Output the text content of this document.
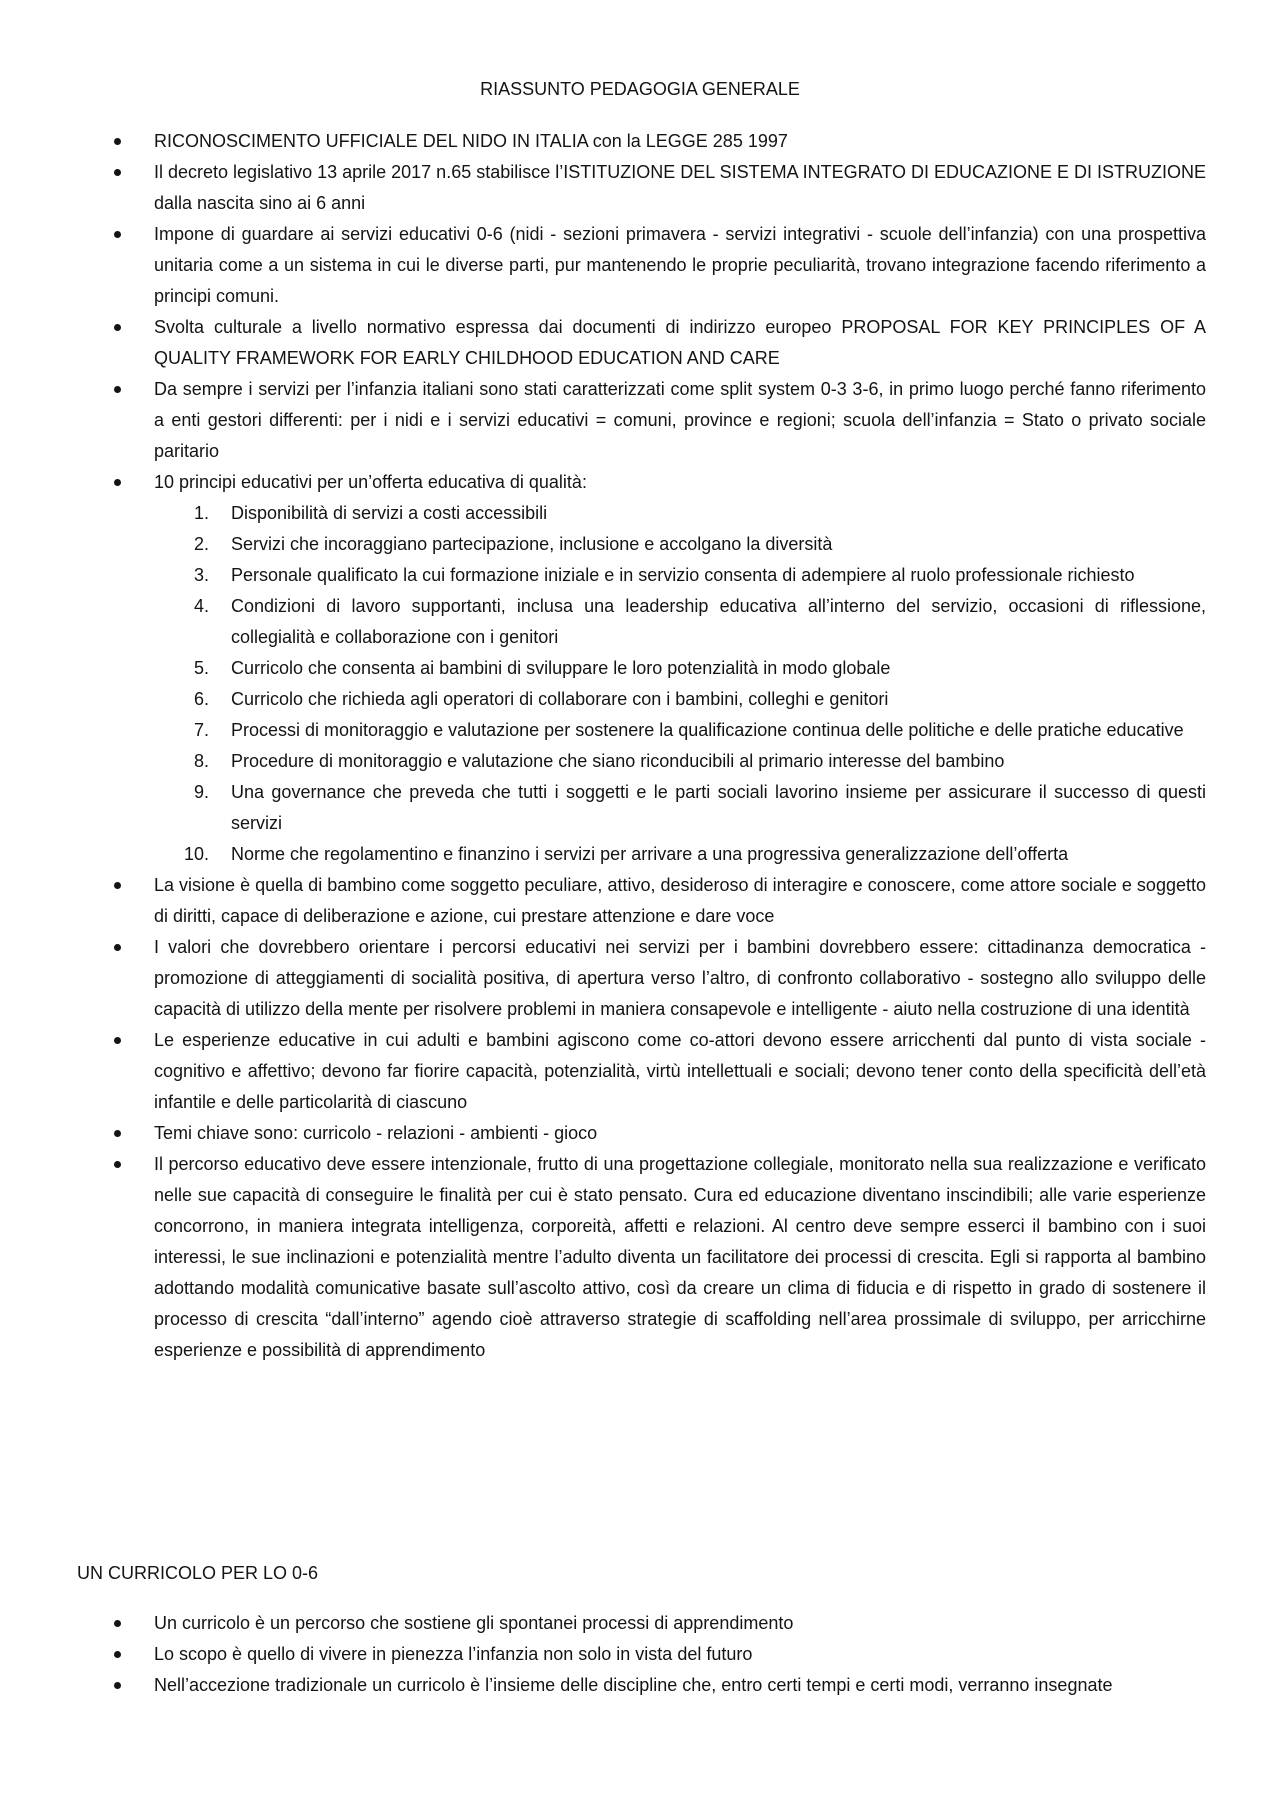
RIASSUNTO PEDAGOGIA GENERALE
RICONOSCIMENTO UFFICIALE DEL NIDO IN ITALIA con la LEGGE 285 1997
Il decreto legislativo 13 aprile 2017 n.65 stabilisce l’ISTITUZIONE DEL SISTEMA INTEGRATO DI EDUCAZIONE E DI ISTRUZIONE dalla nascita sino ai 6 anni
Impone di guardare ai servizi educativi 0-6 (nidi - sezioni primavera - servizi integrativi - scuole dell’infanzia) con una prospettiva unitaria come a un sistema in cui le diverse parti, pur mantenendo le proprie peculiarità, trovano integrazione facendo riferimento a principi comuni.
Svolta culturale a livello normativo espressa dai documenti di indirizzo europeo PROPOSAL FOR KEY PRINCIPLES OF A QUALITY FRAMEWORK FOR EARLY CHILDHOOD EDUCATION AND CARE
Da sempre i servizi per l’infanzia italiani sono stati caratterizzati come split system 0-3 3-6, in primo luogo perché fanno riferimento a enti gestori differenti: per i nidi e i servizi educativi = comuni, province e regioni; scuola dell’infanzia = Stato o privato sociale paritario
10 principi educativi per un’offerta educativa di qualità:
1. Disponibilità di servizi a costi accessibili
2. Servizi che incoraggiano partecipazione, inclusione e accolgano la diversità
3. Personale qualificato la cui formazione iniziale e in servizio consenta di adempiere al ruolo professionale richiesto
4. Condizioni di lavoro supportanti, inclusa una leadership educativa all’interno del servizio, occasioni di riflessione, collegialità e collaborazione con i genitori
5. Curricolo che consenta ai bambini di sviluppare le loro potenzialità in modo globale
6. Curricolo che richieda agli operatori di collaborare con i bambini, colleghi e genitori
7. Processi di monitoraggio e valutazione per sostenere la qualificazione continua delle politiche e delle pratiche educative
8. Procedure di monitoraggio e valutazione che siano riconducibili al primario interesse del bambino
9. Una governance che preveda che tutti i soggetti e le parti sociali lavorino insieme per assicurare il successo di questi servizi
10. Norme che regolamentino e finanzino i servizi per arrivare a una progressiva generalizzazione dell’offerta
La visione è quella di bambino come soggetto peculiare, attivo, desideroso di interagire e conoscere, come attore sociale e soggetto di diritti, capace di deliberazione e azione, cui prestare attenzione e dare voce
I valori che dovrebbero orientare i percorsi educativi nei servizi per i bambini dovrebbero essere: cittadinanza democratica - promozione di atteggiamenti di socialità positiva, di apertura verso l’altro, di confronto collaborativo - sostegno allo sviluppo delle capacità di utilizzo della mente per risolvere problemi in maniera consapevole e intelligente - aiuto nella costruzione di una identità
Le esperienze educative in cui adulti e bambini agiscono come co-attori devono essere arricchenti dal punto di vista sociale - cognitivo e affettivo; devono far fiorire capacità, potenzialità, virtù intellettuali e sociali; devono tener conto della specificità dell’età infantile e delle particolarità di ciascuno
Temi chiave sono: curricolo - relazioni - ambienti - gioco
Il percorso educativo deve essere intenzionale, frutto di una progettazione collegiale, monitorato nella sua realizzazione e verificato nelle sue capacità di conseguire le finalità per cui è stato pensato. Cura ed educazione diventano inscindibili; alle varie esperienze concorrono, in maniera integrata intelligenza, corporeità, affetti e relazioni. Al centro deve sempre esserci il bambino con i suoi interessi, le sue inclinazioni e potenzialità mentre l’adulto diventa un facilitatore dei processi di crescita. Egli si rapporta al bambino adottando modalità comunicative basate sull’ascolto attivo, così da creare un clima di fiducia e di rispetto in grado di sostenere il processo di crescita “dall’interno” agendo cioè attraverso strategie di scaffolding nell’area prossimale di sviluppo, per arricchirne esperienze e possibilità di apprendimento
UN CURRICOLO PER LO 0-6
Un curricolo è un percorso che sostiene gli spontanei processi di apprendimento
Lo scopo è quello di vivere in pienezza l’infanzia non solo in vista del futuro
Nell’accezione tradizionale un curricolo è l’insieme delle discipline che, entro certi tempi e certi modi, verranno insegnate
